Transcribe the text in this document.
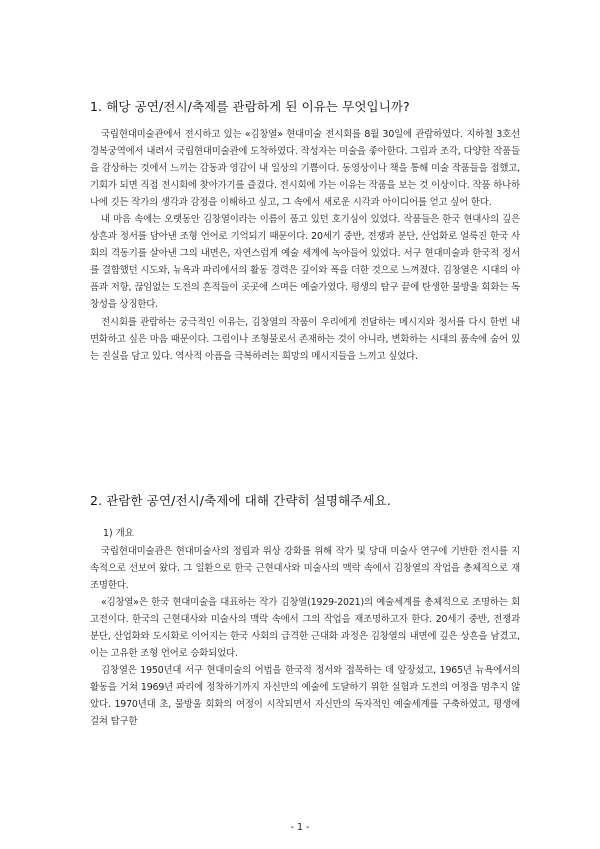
1. 해당 공연/전시/축제를 관람하게 된 이유는 무엇입니까?

국립현대미술관에서 전시하고 있는 «김창열» 현대미술 전시회를 8월 30일에 관람하였다. 지하철 3호선 경복궁역에서 내려서 국립현대미술관에 도착하였다. 작성자는 미술을 좋아한다. 그림과 조각, 다양한 작품들을 감상하는 것에서 느끼는 감동과 영감이 내 일상의 기쁨이다. 동영상이나 책을 통해 미술 작품들을 접했고, 기회가 되면 직접 전시회에 찾아가기를 즐겼다. 전시회에 가는 이유는 작품을 보는 것 이상이다. 작품 하나하나에 깃든 작가의 생각과 감정을 이해하고 싶고, 그 속에서 새로운 시각과 아이디어를 얻고 싶어 한다.

내 마음 속에는 오랫동안 김창열이라는 이름이 품고 있던 호기심이 있었다. 작품들은 한국 현대사의 깊은 상흔과 정서를 담아낸 조형 언어로 기억되기 때문이다. 20세기 중반, 전쟁과 분단, 산업화로 얼룩진 한국 사회의 격동기를 살아낸 그의 내면은, 자연스럽게 예술 세계에 녹아들어 있었다. 서구 현대미술과 한국적 정서를 결합했던 시도와, 뉴욕과 파리에서의 활동 경력은 깊이와 폭을 더한 것으로 느껴졌다. 김창열은 시대의 아픔과 저항, 끊임없는 도전의 흔적들이 곳곳에 스며든 예술가였다. 평생의 탐구 끝에 탄생한 물방울 회화는 독창성을 상징한다.

전시회를 관람하는 궁극적인 이유는, 김창열의 작품이 우리에게 전달하는 메시지와 정서를 다시 한번 내면화하고 싶은 마음 때문이다. 그림이나 조형물로서 존재하는 것이 아니라, 변화하는 시대의 품속에 숨어 있는 진실을 담고 있다. 역사적 아픔을 극복하려는 희망의 메시지들을 느끼고 싶었다.

2. 관람한 공연/전시/축제에 대해 간략히 설명해주세요.
1) 개요

국립현대미술관은 현대미술사의 정립과 위상 강화를 위해 작가 및 당대 미술사 연구에 기반한 전시를 지속적으로 선보여 왔다. 그 일환으로 한국 근현대사와 미술사의 맥락 속에서 김창열의 작업을 총체적으로 재조명한다.

«김창열»은 한국 현대미술을 대표하는 작가 김창열(1929-2021)의 예술세계를 총체적으로 조명하는 회고전이다. 한국의 근현대사와 미술사의 맥락 속에서 그의 작업을 재조명하고자 한다. 20세기 중반, 전쟁과 분단, 산업화와 도시화로 이어지는 한국 사회의 급격한 근대화 과정은 김창열의 내면에 깊은 상흔을 남겼고, 이는 고유한 조형 언어로 승화되었다.

김창열은 1950년대 서구 현대미술의 어법을 한국적 정서와 접목하는 데 앞장섰고, 1965년 뉴욕에서의 활동을 거쳐 1969년 파리에 정착하기까지 자신만의 예술에 도달하기 위한 실험과 도전의 여정을 멈추지 않았다. 1970년대 초, 물방울 회화의 여정이 시작되면서 자신만의 독자적인 예술세계를 구축하였고, 평생에 걸쳐 탐구한

- 1 -
